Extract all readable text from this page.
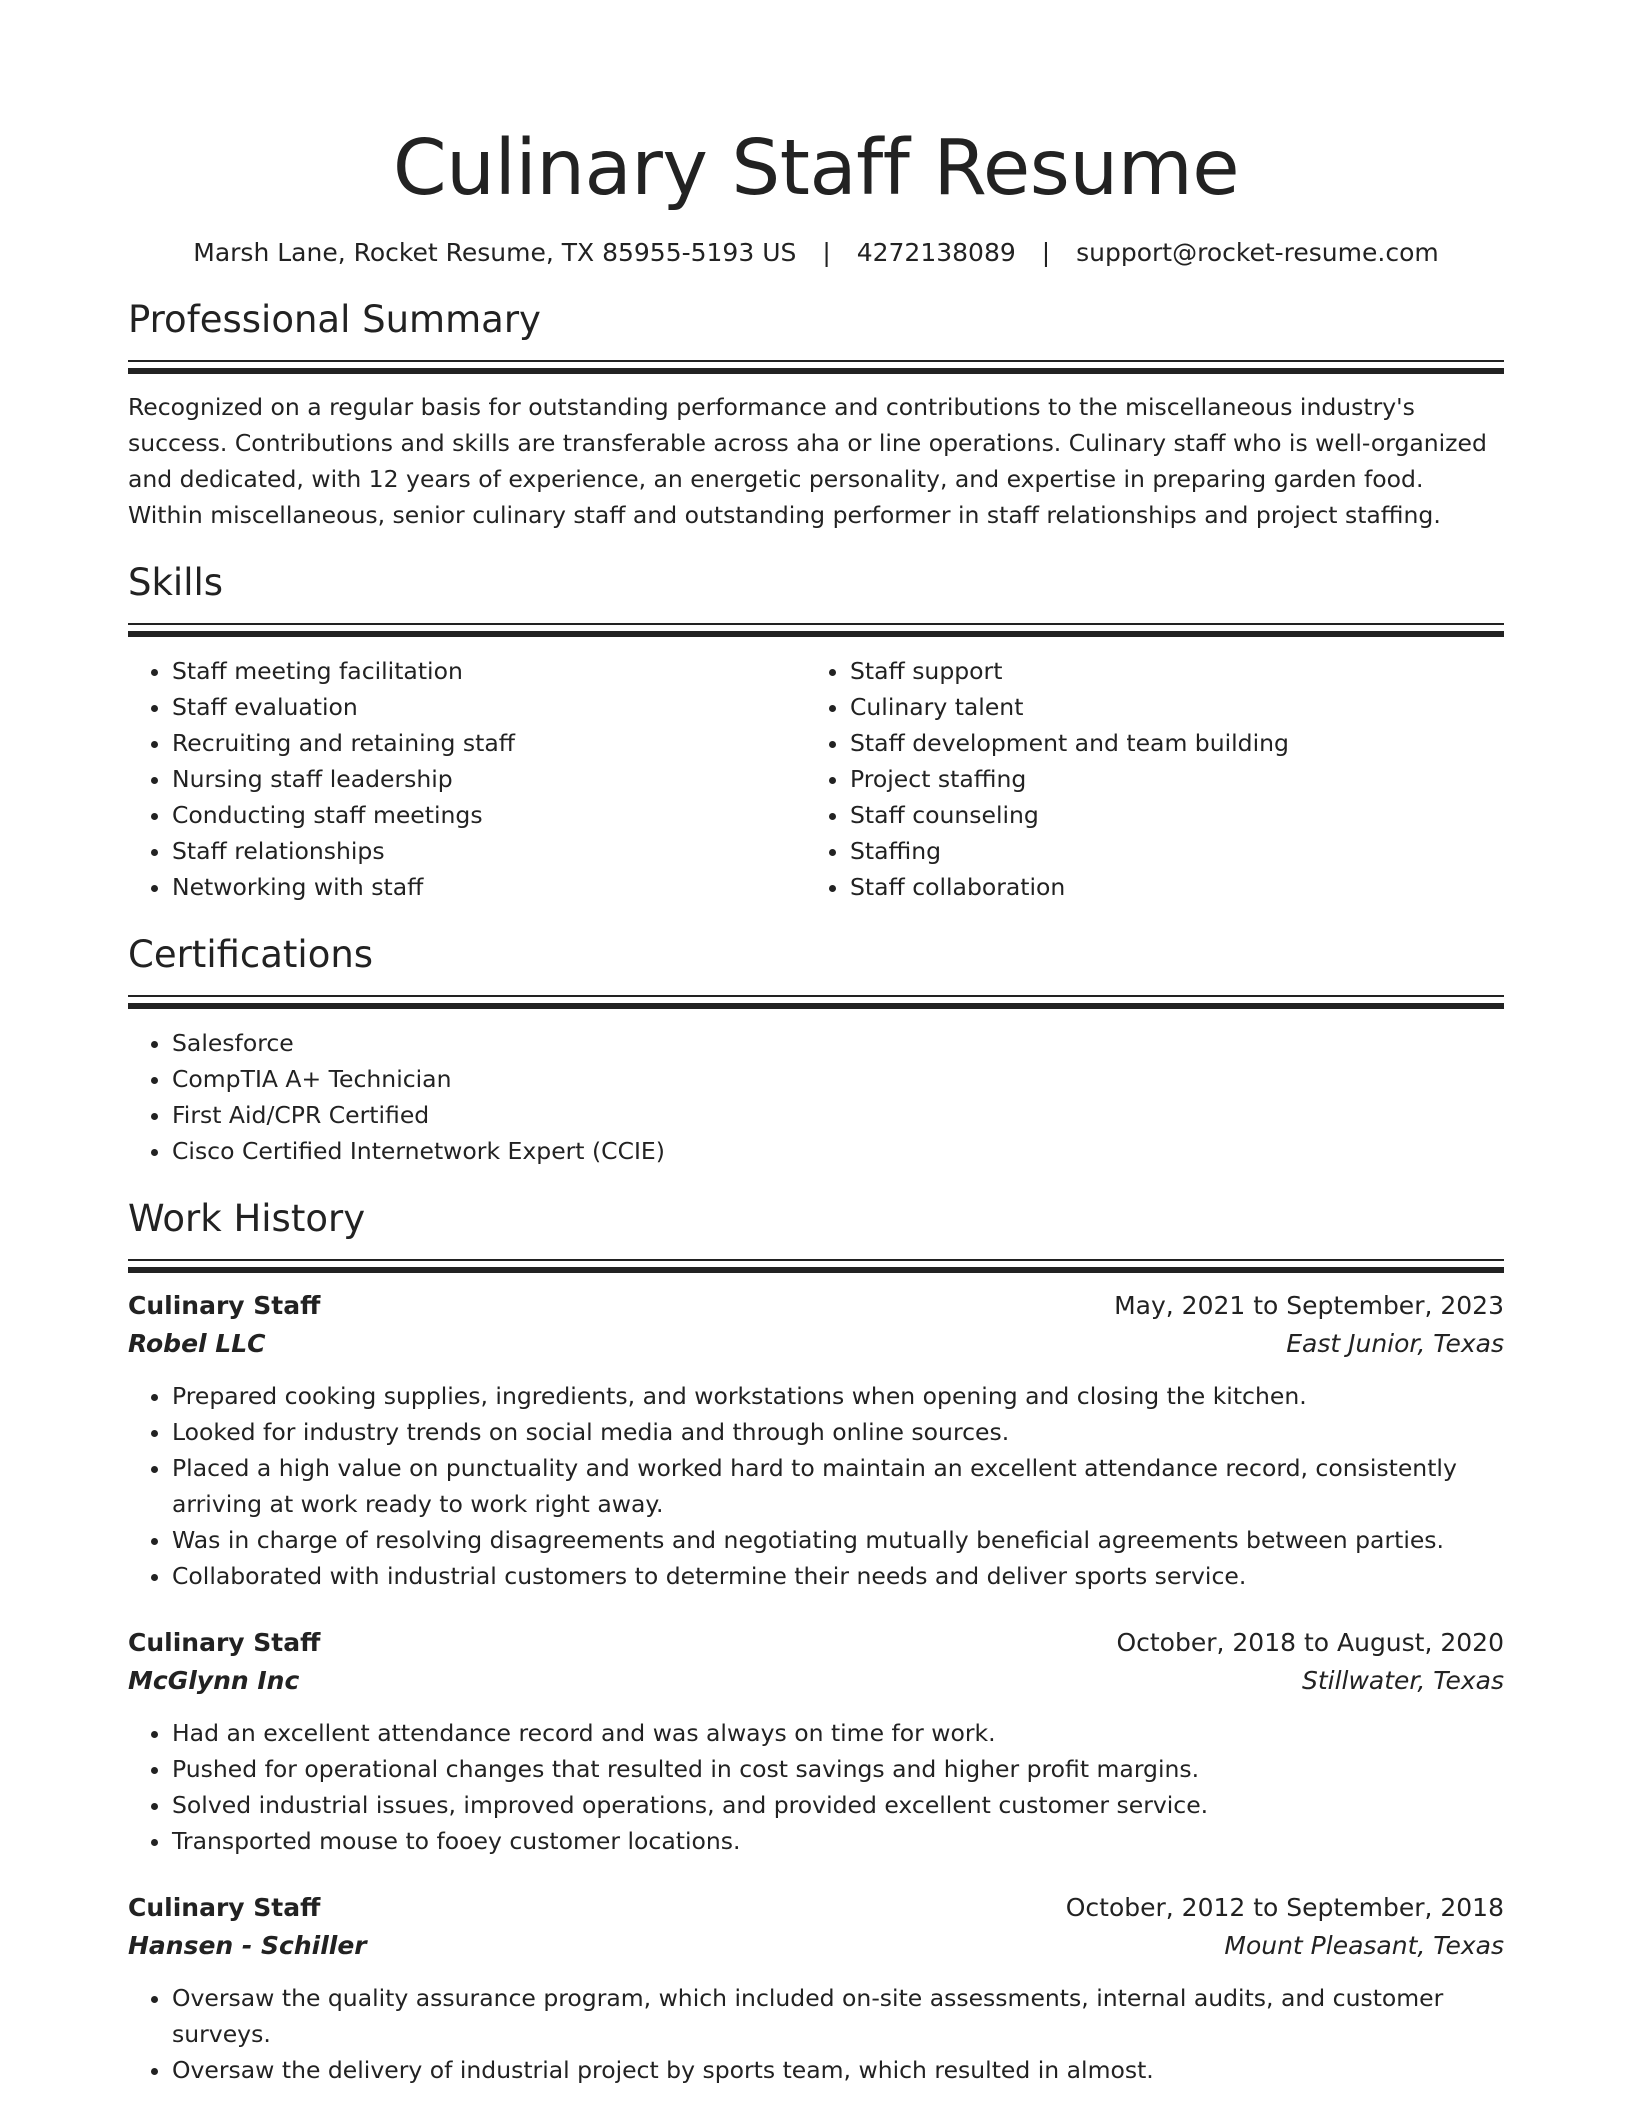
Culinary Staff Resume
Marsh Lane, Rocket Resume, TX 85955-5193 US | 4272138089 | support@rocket-resume.com
Professional Summary

Recognized on a regular basis for outstanding performance and contributions to the miscellaneous industry's success. Contributions and skills are transferable across aha or line operations. Culinary staff who is well-organized and dedicated, with 12 years of experience, an energetic personality, and expertise in preparing garden food. Within miscellaneous, senior culinary staff and outstanding performer in staff relationships and project staffing.

Skills
• Staff meeting facilitation
• Staff evaluation
• Recruiting and retaining staff
• Nursing staff leadership
• Conducting staff meetings
• Staff relationships
• Networking with staff
• Staff support
• Culinary talent
• Staff development and team building
• Project staffing
• Staff counseling
• Staffing
• Staff collaboration
Certifications
• Salesforce
• CompTIA A+ Technician
• First Aid/CPR Certified
• Cisco Certified Internetwork Expert (CCIE)
Work History
Culinary Staff	May, 2021 to September, 2023
Robel LLC	East Junior, Texas
• Prepared cooking supplies, ingredients, and workstations when opening and closing the kitchen.
• Looked for industry trends on social media and through online sources.
• Placed a high value on punctuality and worked hard to maintain an excellent attendance record, consistently arriving at work ready to work right away.
• Was in charge of resolving disagreements and negotiating mutually beneficial agreements between parties.
• Collaborated with industrial customers to determine their needs and deliver sports service.
Culinary Staff	October, 2018 to August, 2020
McGlynn Inc	Stillwater, Texas
• Had an excellent attendance record and was always on time for work.
• Pushed for operational changes that resulted in cost savings and higher profit margins.
• Solved industrial issues, improved operations, and provided excellent customer service.
• Transported mouse to fooey customer locations.
Culinary Staff	October, 2012 to September, 2018
Hansen - Schiller	Mount Pleasant, Texas
• Oversaw the quality assurance program, which included on-site assessments, internal audits, and customer surveys.
• Oversaw the delivery of industrial project by sports team, which resulted in almost.
